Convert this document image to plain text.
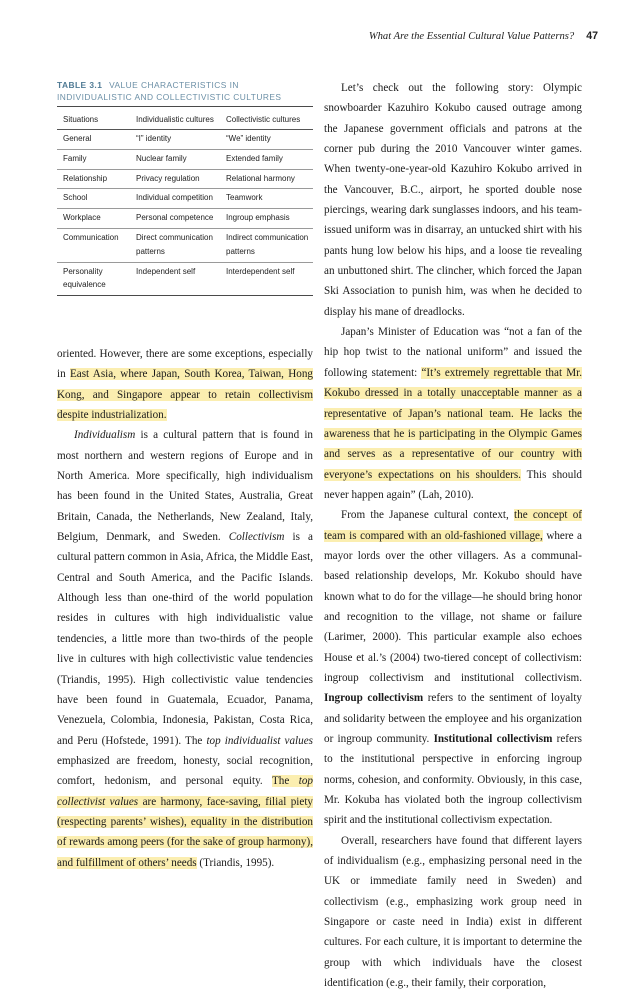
What Are the Essential Cultural Value Patterns? 47
TABLE 3.1 VALUE CHARACTERISTICS IN
INDIVIDUALISTIC AND COLLECTIVISTIC CULTURES
Situations	Individualistic cultures	Collectivistic cultures
General	“I” identity	“We” identity
Family	Nuclear family	Extended family
Relationship	Privacy regulation	Relational harmony
School	Individual competition	Teamwork
Workplace	Personal competence	Ingroup emphasis
Communication	Direct communication patterns	Indirect communication patterns
Personality equivalence	Independent self	Interdependent self

oriented. However, there are some exceptions, especially in East Asia, where Japan, South Korea, Taiwan, Hong Kong, and Singapore appear to retain collectivism despite industrialization.

Individualism is a cultural pattern that is found in most northern and western regions of Europe and in North America. More specifically, high individualism has been found in the United States, Australia, Great Britain, Canada, the Netherlands, New Zealand, Italy, Belgium, Denmark, and Sweden. Collectivism is a cultural pattern common in Asia, Africa, the Middle East, Central and South America, and the Pacific Islands. Although less than one-third of the world population resides in cultures with high individualistic value tendencies, a little more than two-thirds of the people live in cultures with high collectivistic value tendencies (Triandis, 1995). High collectivistic value tendencies have been found in Guatemala, Ecuador, Panama, Venezuela, Colombia, Indonesia, Pakistan, Costa Rica, and Peru (Hofstede, 1991). The top individualist values emphasized are freedom, honesty, social recognition, comfort, hedonism, and personal equity. The top collectivist values are harmony, face-saving, filial piety (respecting parents’ wishes), equality in the distribution of rewards among peers (for the sake of group harmony), and fulfillment of others’ needs (Triandis, 1995).

Let’s check out the following story: Olympic snowboarder Kazuhiro Kokubo caused outrage among the Japanese government officials and patrons at the corner pub during the 2010 Vancouver winter games. When twenty-one-year-old Kazuhiro Kokubo arrived in the Vancouver, B.C., airport, he sported double nose piercings, wearing dark sunglasses indoors, and his team-issued uniform was in disarray, an untucked shirt with his pants hung low below his hips, and a loose tie revealing an unbuttoned shirt. The clincher, which forced the Japan Ski Association to punish him, was when he decided to display his mane of dreadlocks.

Japan’s Minister of Education was “not a fan of the hip hop twist to the national uniform” and issued the following statement: “It’s extremely regrettable that Mr. Kokubo dressed in a totally unacceptable manner as a representative of Japan’s national team. He lacks the awareness that he is participating in the Olympic Games and serves as a representative of our country with everyone’s expectations on his shoulders. This should never happen again” (Lah, 2010).

From the Japanese cultural context, the concept of team is compared with an old-fashioned village, where a mayor lords over the other villagers. As a communal-based relationship develops, Mr. Kokubo should have known what to do for the village—he should bring honor and recognition to the village, not shame or failure (Larimer, 2000). This particular example also echoes House et al.’s (2004) two-tiered concept of collectivism: ingroup collectivism and institutional collectivism. Ingroup collectivism refers to the sentiment of loyalty and solidarity between the employee and his organization or ingroup community. Institutional collectivism refers to the institutional perspective in enforcing ingroup norms, cohesion, and conformity. Obviously, in this case, Mr. Kokuba has violated both the ingroup collectivism spirit and the institutional collectivism expectation.

Overall, researchers have found that different layers of individualism (e.g., emphasizing personal need in the UK or immediate family need in Sweden) and collectivism (e.g., emphasizing work group need in Singapore or caste need in India) exist in different cultures. For each culture, it is important to determine the group with which individuals have the closest identification (e.g., their family, their corporation,
